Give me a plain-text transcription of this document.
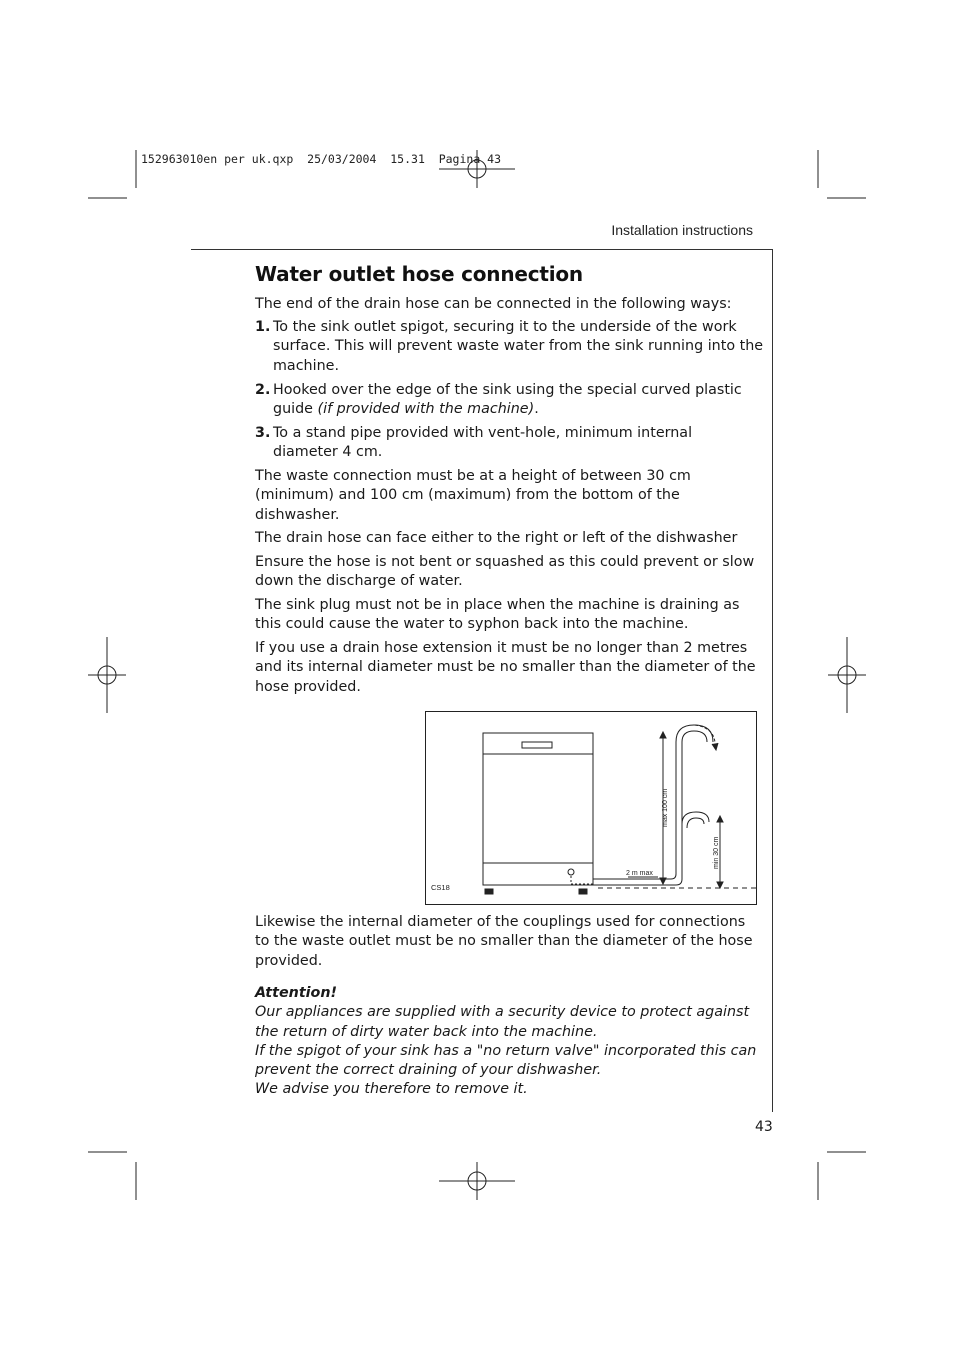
152963010en per uk.qxp  25/03/2004  15.31  Pagina 43
Installation instructions
Water outlet hose connection

The end of the drain hose can be connected in the following ways:

1. To the sink outlet spigot, securing it to the underside of the work
surface. This will prevent waste water from the sink running into the
machine.
2. Hooked over the edge of the sink using the special curved plastic
guide (if provided with the machine).
3. To a stand pipe provided with vent-hole, minimum internal
diameter 4 cm.
The waste connection must be at a height of between 30 cm
(minimum) and 100 cm (maximum) from the bottom of the
dishwasher.
The drain hose can face either to the right or left of the dishwasher
Ensure the hose is not bent or squashed as this could prevent or slow
down the discharge of water.
The sink plug must not be in place when the machine is draining as
this could cause the water to syphon back into the machine.
If you use a drain hose extension it must be no longer than 2 metres
and its internal diameter must be no smaller than the diameter of the
hose provided.
CS18
2 m max
max 100 cm
min 30 cm
Likewise the internal diameter of the couplings used for connections
to the waste outlet must be no smaller than the diameter of the hose
provided.
Attention!
Our appliances are supplied with a security device to protect against
the return of dirty water back into the machine.
If the spigot of your sink has a "no return valve" incorporated this can
prevent the correct draining of your dishwasher.
We advise you therefore to remove it.
43
